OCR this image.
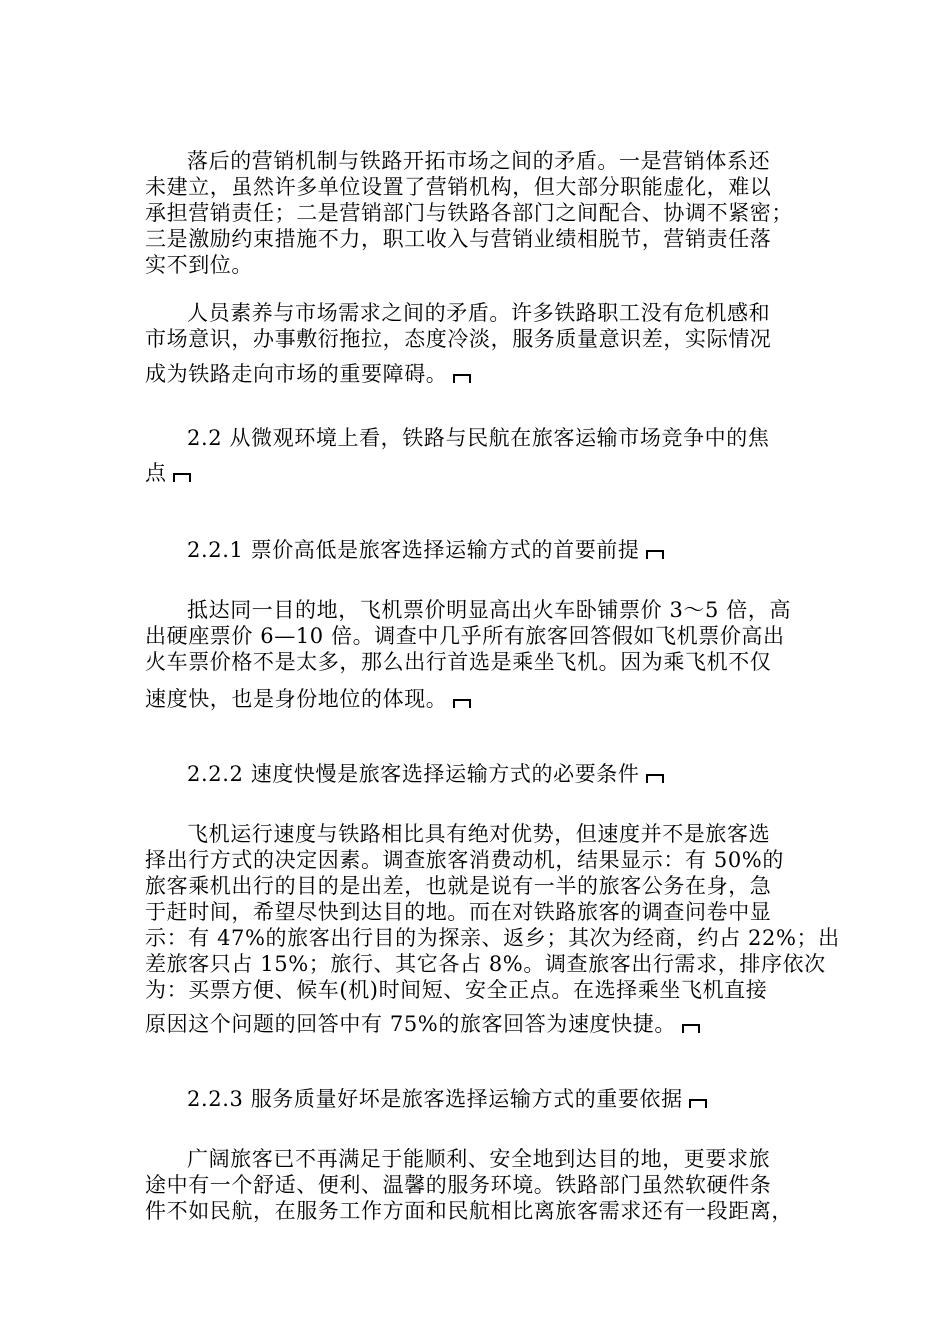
落后的营销机制与铁路开拓市场之间的矛盾。一是营销体系还
未建立，虽然许多单位设置了营销机构，但大部分职能虚化，难以
承担营销责任；二是营销部门与铁路各部门之间配合、协调不紧密；
三是激励约束措施不力，职工收入与营销业绩相脱节，营销责任落
实不到位。
人员素养与市场需求之间的矛盾。许多铁路职工没有危机感和
市场意识，办事敷衍拖拉，态度冷淡，服务质量意识差，实际情况
成为铁路走向市场的重要障碍。
2.2 从微观环境上看，铁路与民航在旅客运输市场竞争中的焦
点
2.2.1 票价高低是旅客选择运输方式的首要前提
抵达同一目的地，飞机票价明显高出火车卧铺票价 3～5 倍，高
出硬座票价 6—10 倍。调查中几乎所有旅客回答假如飞机票价高出
火车票价格不是太多，那么出行首选是乘坐飞机。因为乘飞机不仅
速度快，也是身份地位的体现。
2.2.2 速度快慢是旅客选择运输方式的必要条件
飞机运行速度与铁路相比具有绝对优势，但速度并不是旅客选
择出行方式的决定因素。调查旅客消费动机，结果显示：有 50%的
旅客乘机出行的目的是出差，也就是说有一半的旅客公务在身，急
于赶时间，希望尽快到达目的地。而在对铁路旅客的调查问卷中显
示：有 47%的旅客出行目的为探亲、返乡；其次为经商，约占 22%；出
差旅客只占 15%；旅行、其它各占 8%。调查旅客出行需求，排序依次
为：买票方便、候车(机)时间短、安全正点。在选择乘坐飞机直接
原因这个问题的回答中有 75%的旅客回答为速度快捷。
2.2.3 服务质量好坏是旅客选择运输方式的重要依据
广阔旅客已不再满足于能顺利、安全地到达目的地，更要求旅
途中有一个舒适、便利、温馨的服务环境。铁路部门虽然软硬件条
件不如民航，在服务工作方面和民航相比离旅客需求还有一段距离，
